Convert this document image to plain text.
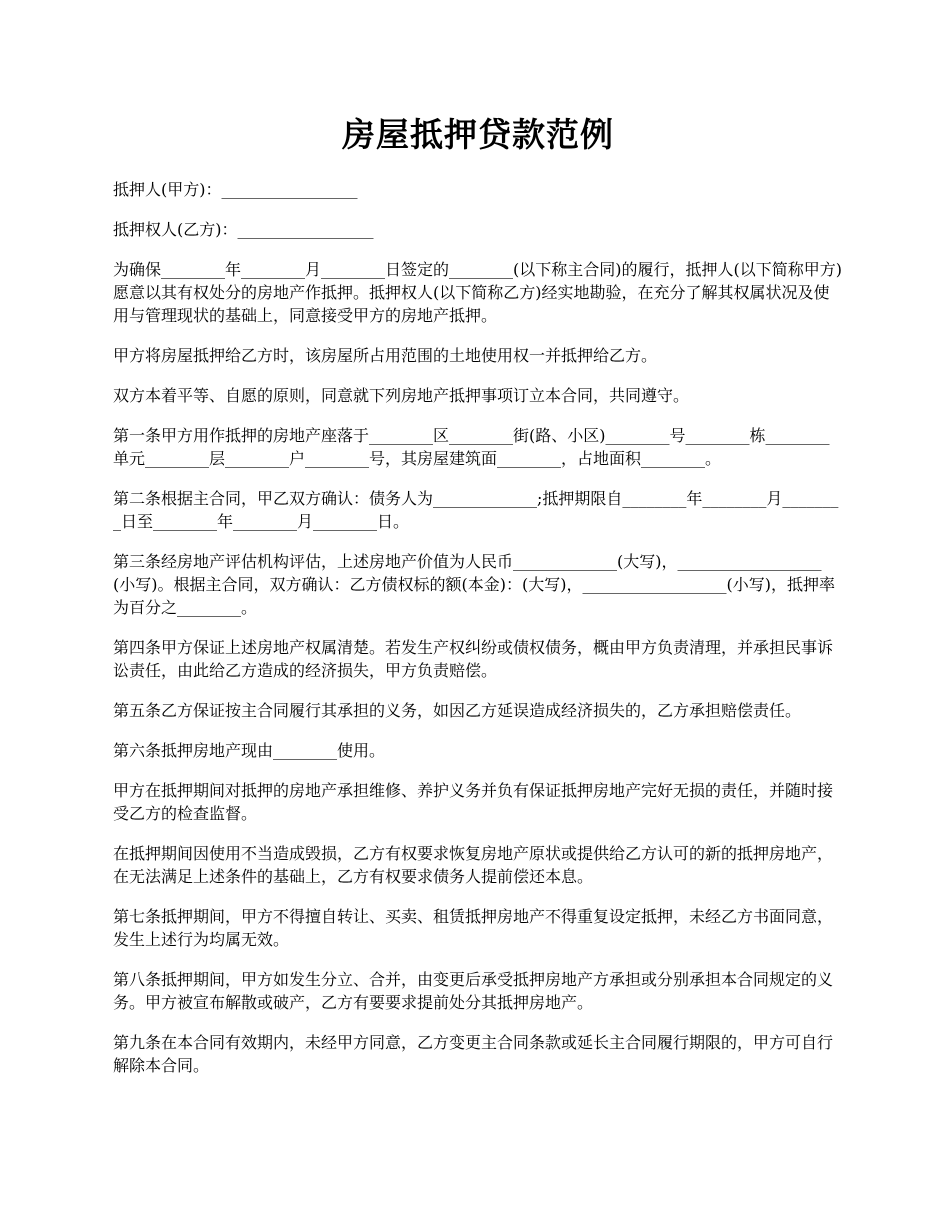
房屋抵押贷款范例

抵押人(甲方)：_________________

抵押权人(乙方)：_________________

为确保________年________月________日签定的________(以下称主合同)的履行，抵押人(以下简称甲方)愿意以其有权处分的房地产作抵押。抵押权人(以下简称乙方)经实地勘验，在充分了解其权属状况及使用与管理现状的基础上，同意接受甲方的房地产抵押。

甲方将房屋抵押给乙方时，该房屋所占用范围的土地使用权一并抵押给乙方。

双方本着平等、自愿的原则，同意就下列房地产抵押事项订立本合同，共同遵守。

第一条甲方用作抵押的房地产座落于________区________街(路、小区)________号________栋________单元________层________户________号，其房屋建筑面________，占地面积________。

第二条根据主合同，甲乙双方确认：债务人为_____________;抵押期限自________年________月________日至________年________月________日。

第三条经房地产评估机构评估，上述房地产价值为人民币_____________(大写)，__________________(小写)。根据主合同，双方确认：乙方债权标的额(本金)：(大写)，__________________(小写)，抵押率为百分之________。

第四条甲方保证上述房地产权属清楚。若发生产权纠纷或债权债务，概由甲方负责清理，并承担民事诉讼责任，由此给乙方造成的经济损失，甲方负责赔偿。

第五条乙方保证按主合同履行其承担的义务，如因乙方延误造成经济损失的，乙方承担赔偿责任。

第六条抵押房地产现由________使用。

甲方在抵押期间对抵押的房地产承担维修、养护义务并负有保证抵押房地产完好无损的责任，并随时接受乙方的检查监督。

在抵押期间因使用不当造成毁损，乙方有权要求恢复房地产原状或提供给乙方认可的新的抵押房地产，在无法满足上述条件的基础上，乙方有权要求债务人提前偿还本息。

第七条抵押期间，甲方不得擅自转让、买卖、租赁抵押房地产不得重复设定抵押，未经乙方书面同意，发生上述行为均属无效。

第八条抵押期间，甲方如发生分立、合并，由变更后承受抵押房地产方承担或分别承担本合同规定的义务。甲方被宣布解散或破产，乙方有要要求提前处分其抵押房地产。

第九条在本合同有效期内，未经甲方同意，乙方变更主合同条款或延长主合同履行期限的，甲方可自行解除本合同。
